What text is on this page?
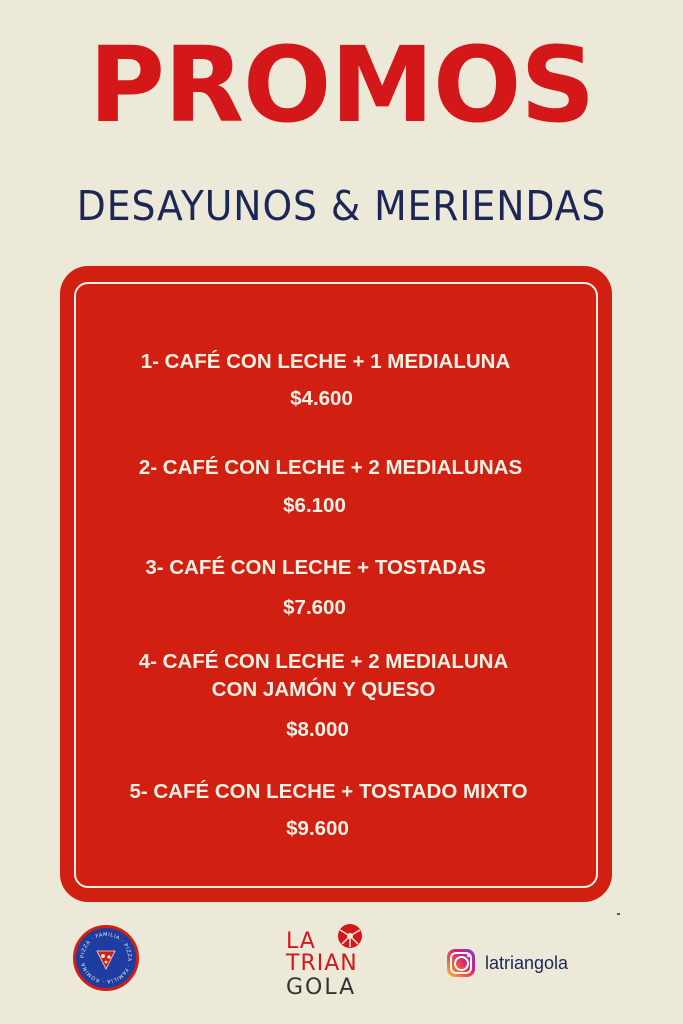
PROMOS
DESAYUNOS & MERIENDAS
1- CAFÉ CON LECHE + 1 MEDIALUNA
$4.600
2- CAFÉ CON LECHE + 2 MEDIALUNAS
$6.100
3- CAFÉ CON LECHE + TOSTADAS
$7.600
4- CAFÉ CON LECHE + 2 MEDIALUNA
CON JAMÓN Y QUESO
$8.000
5- CAFÉ CON LECHE + TOSTADO MIXTO
$9.600
PIZZA · FAMILIA · PIZZA · FAMILIA · ROMINA
LA
TRIAN
GOLA
latriangola
